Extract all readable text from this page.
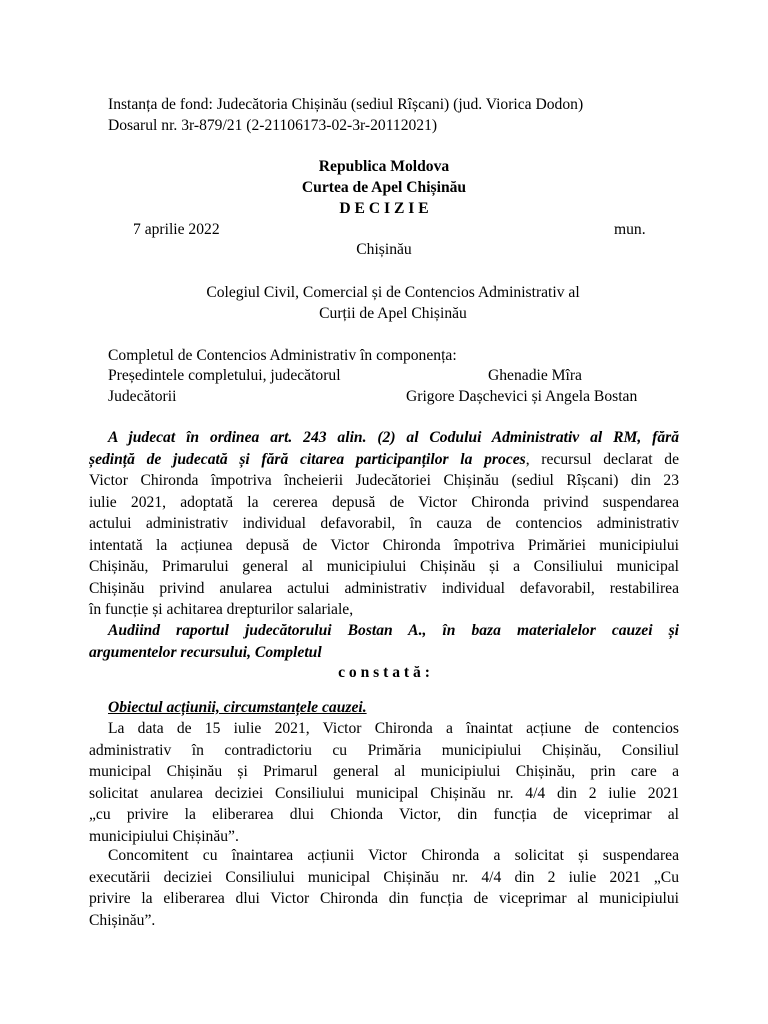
Instanța de fond: Judecătoria Chișinău (sediul Rîșcani) (jud. Viorica Dodon)
Dosarul nr. 3r-879/21 (2-21106173-02-3r-20112021)
Republica Moldova
Curtea de Apel Chișinău
D E C I Z I E
7 aprilie 2022	mun.
Chișinău
Colegiul Civil, Comercial și de Contencios Administrativ al
Curții de Apel Chișinău
Completul de Contencios Administrativ în componența:
Președintele completului, judecătorul	Ghenadie Mîra
Judecătorii	Grigore Dașchevici și Angela Bostan
A judecat în ordinea art. 243 alin. (2) al Codului Administrativ al RM, fără
ședință de judecată și fără citarea participanților la proces, recursul declarat de
Victor Chironda împotriva încheierii Judecătoriei Chișinău (sediul Rîșcani) din 23
iulie 2021, adoptată la cererea depusă de Victor Chironda privind suspendarea
actului administrativ individual defavorabil, în cauza de contencios administrativ
intentată la acțiunea depusă de Victor Chironda împotriva Primăriei municipiului
Chișinău, Primarului general al municipiului Chișinău și a Consiliului municipal
Chișinău privind anularea actului administrativ individual defavorabil, restabilirea
în funcție și achitarea drepturilor salariale,
Audiind raportul judecătorului Bostan A., în baza materialelor cauzei și
argumentelor recursului, Completul
c o n s t a t ă :
Obiectul acțiunii, circumstanțele cauzei.
La data de 15 iulie 2021, Victor Chironda a înaintat acțiune de contencios
administrativ în contradictoriu cu Primăria municipiului Chișinău, Consiliul
municipal Chișinău și Primarul general al municipiului Chișinău, prin care a
solicitat anularea deciziei Consiliului municipal Chișinău nr. 4/4 din 2 iulie 2021
„cu privire la eliberarea dlui Chionda Victor, din funcția de viceprimar al
municipiului Chișinău”.
Concomitent cu înaintarea acțiunii Victor Chironda a solicitat și suspendarea
executării deciziei Consiliului municipal Chișinău nr. 4/4 din 2 iulie 2021 „Cu
privire la eliberarea dlui Victor Chironda din funcția de viceprimar al municipiului
Chișinău”.
